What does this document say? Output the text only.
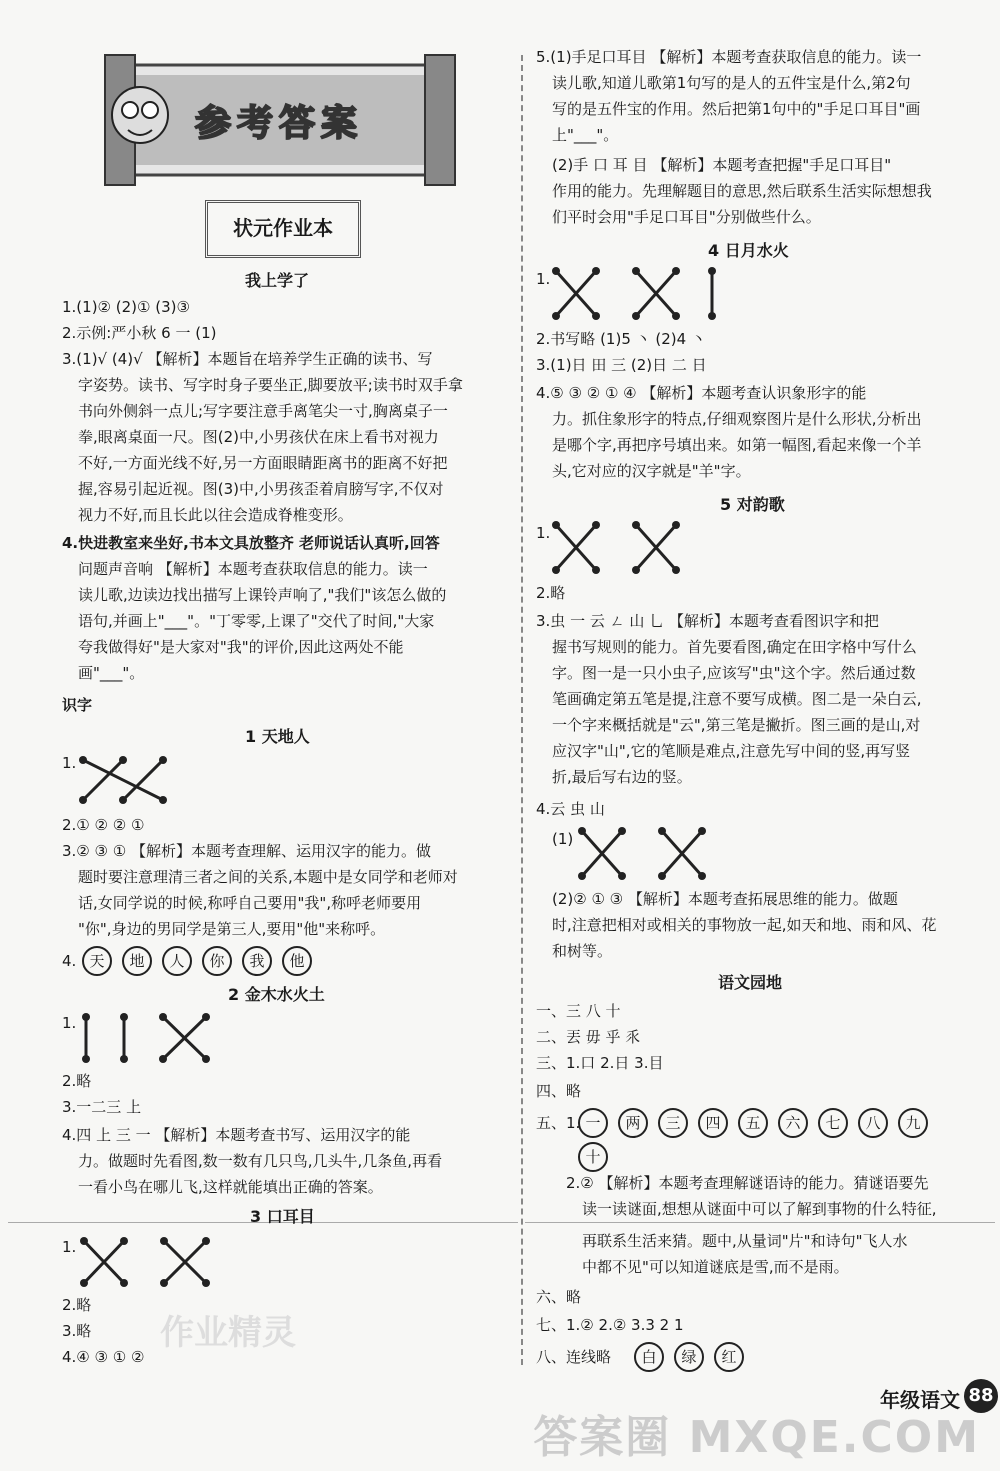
参考答案
状元作业本
我上学了
1.(1)② (2)① (3)③
2.示例:严小秋 6 一 (1)
3.(1)√ (4)√ 【解析】本题旨在培养学生正确的读书、写
字姿势。读书、写字时身子要坐正,脚要放平;读书时双手拿
书向外侧斜一点儿;写字要注意手离笔尖一寸,胸离桌子一
拳,眼离桌面一尺。图(2)中,小男孩伏在床上看书对视力
不好,一方面光线不好,另一方面眼睛距离书的距离不好把
握,容易引起近视。图(3)中,小男孩歪着肩膀写字,不仅对
视力不好,而且长此以往会造成脊椎变形。
4.快进教室来坐好,书本文具放整齐 老师说话认真听,回答
问题声音响 【解析】本题考查获取信息的能力。读一
读儿歌,边读边找出描写上课铃声响了,"我们"该怎么做的
语句,并画上"___"。"丁零零,上课了"交代了时间,"大家
夸我做得好"是大家对"我"的评价,因此这两处不能
画"___"。
识字
1 天地人
1.
2.① ② ② ①
3.② ③ ① 【解析】本题考查理解、运用汉字的能力。做
题时要注意理清三者之间的关系,本题中是女同学和老师对
话,女同学说的时候,称呼自己要用"我",称呼老师要用
"你",身边的男同学是第三人,要用"他"来称呼。
4. 天 地 人 你 我 他
2 金木水火土
1.
2.略
3.一二三 上
4.四 上 三 一 【解析】本题考查书写、运用汉字的能
力。做题时先看图,数一数有几只鸟,几头牛,几条鱼,再看
一看小鸟在哪儿飞,这样就能填出正确的答案。
3 口耳目
1.
2.略
3.略
4.④ ③ ① ②
作业精灵
5.(1)手足口耳目 【解析】本题考查获取信息的能力。读一
读儿歌,知道儿歌第1句写的是人的五件宝是什么,第2句
写的是五件宝的作用。然后把第1句中的"手足口耳目"画
上"___"。
(2)手 口 耳 目 【解析】本题考查把握"手足口耳目"
作用的能力。先理解题目的意思,然后联系生活实际想想我
们平时会用"手足口耳目"分别做些什么。
4 日月水火
1.
2.书写略 (1)5 丶 (2)4 丶
3.(1)日 田 三 (2)日 二 日
4.⑤ ③ ② ① ④ 【解析】本题考查认识象形字的能
力。抓住象形字的特点,仔细观察图片是什么形状,分析出
是哪个字,再把序号填出来。如第一幅图,看起来像一个羊
头,它对应的汉字就是"羊"字。
5 对韵歌
1.
2.略
3.虫 一 云 ㄥ 山 乚 【解析】本题考查看图识字和把
握书写规则的能力。首先要看图,确定在田字格中写什么
字。图一是一只小虫子,应该写"虫"这个字。然后通过数
笔画确定第五笔是提,注意不要写成横。图二是一朵白云,
一个字来概括就是"云",第三笔是撇折。图三画的是山,对
应汉字"山",它的笔顺是难点,注意先写中间的竖,再写竖
折,最后写右边的竖。
4.云 虫 山
(1)
(2)② ① ③ 【解析】本题考查拓展思维的能力。做题
时,注意把相对或相关的事物放一起,如天和地、雨和风、花
和树等。
语文园地
一、三 八 十
二、丟 毋 乎 乑
三、1.口 2.日 3.目
四、略
五、1. 一 两 三 四 五 六 七 八 九
十
2.② 【解析】本题考查理解谜语诗的能力。猜谜语要先
读一读谜面,想想从谜面中可以了解到事物的什么特征,
再联系生活来猜。题中,从量词"片"和诗句"飞人水
中都不见"可以知道谜底是雪,而不是雨。
六、略
七、1.② 2.② 3.3 2 1
八、连线略	白 绿 红
年级语文 88
答案圈 MXQE.COM
